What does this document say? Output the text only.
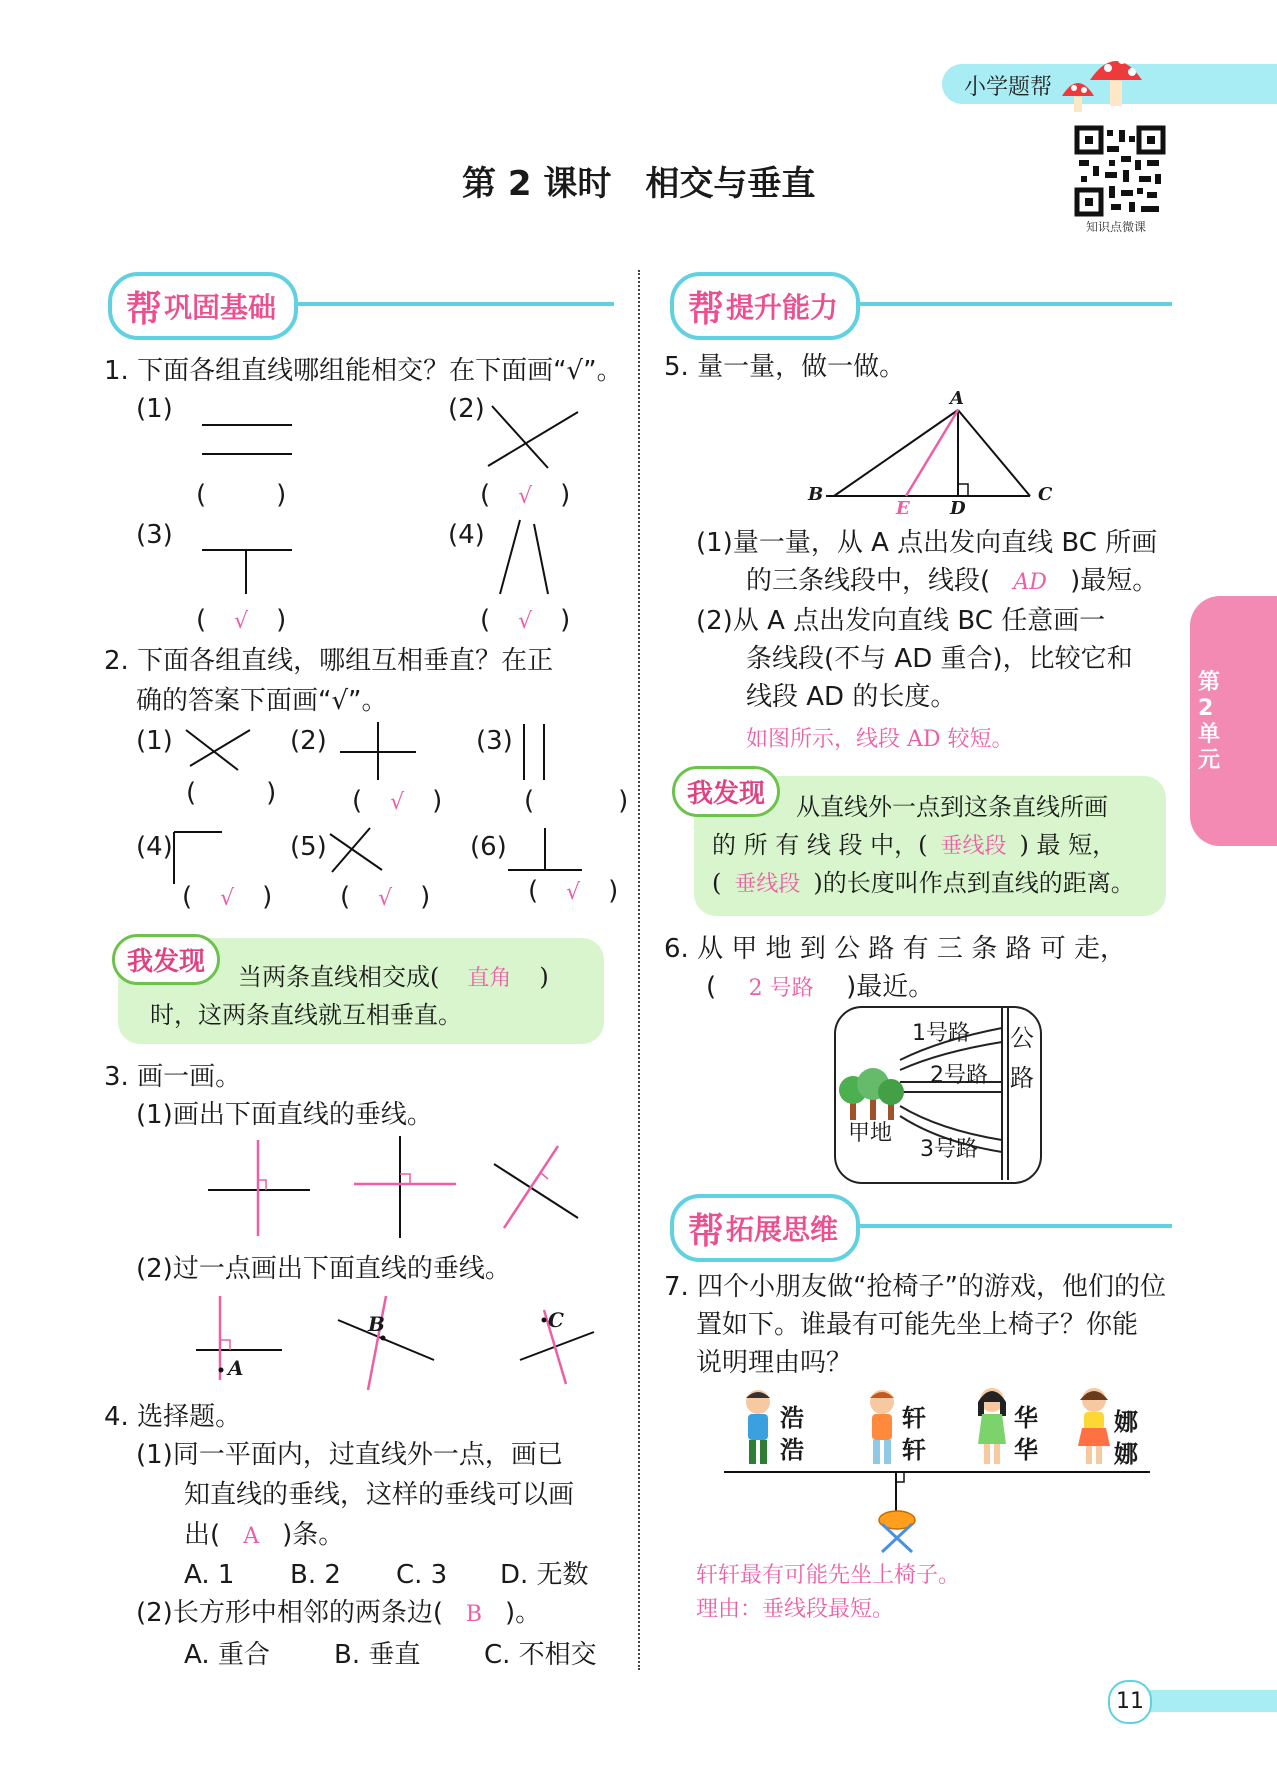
小学题帮
知识点微课
第 2 课时　相交与垂直
第2单元
帮 巩固基础
1. 下面各组直线哪组能相交？在下面画“√”。
(1)	(2)
(3)	(4)
(	)	( √ )
( √ )	( √ )
2. 下面各组直线，哪组互相垂直？在正
确的答案下面画“√”。
(1)	(2)	(3)
(4)	(5)	(6)
(	)	( √ )	(	)
( √ )	( √ )	( √ )
我发现	当两条直线相交成( 直角 )
时，这两条直线就互相垂直。
3. 画一画。
(1)画出下面直线的垂线。
(2)过一点画出下面直线的垂线。
A
B	C
4. 选择题。
(1)同一平面内，过直线外一点，画已
知直线的垂线，这样的垂线可以画
出( A )条。
A. 1 B. 2 C. 3 D. 无数
(2)长方形中相邻的两条边( B )。
A. 重合 B. 垂直 C. 不相交
帮 提升能力
5. 量一量，做一做。
A
B	C
D
E
(1)量一量，从 A 点出发向直线 BC 所画
的三条线段中，线段( AD )最短。
(2)从 A 点出发向直线 BC 任意画一
条线段(不与 AD 重合)，比较它和
线段 AD 的长度。
如图所示，线段 AD 较短。
我发现	从直线外一点到这条直线所画
的 所 有 线 段 中，( 垂线段 ) 最 短，
( 垂线段 )的长度叫作点到直线的距离。
6. 从 甲 地 到 公 路 有 三 条 路 可 走，
( 2 号路 )最近。
1号路
2号路
3号路
甲地
公
路
帮 拓展思维
7. 四个小朋友做“抢椅子”的游戏，他们的位
置如下。谁最有可能先坐上椅子？你能
说明理由吗？
浩
浩
轩
轩
华
华
娜
娜
轩轩最有可能先坐上椅子。
理由：垂线段最短。
11
